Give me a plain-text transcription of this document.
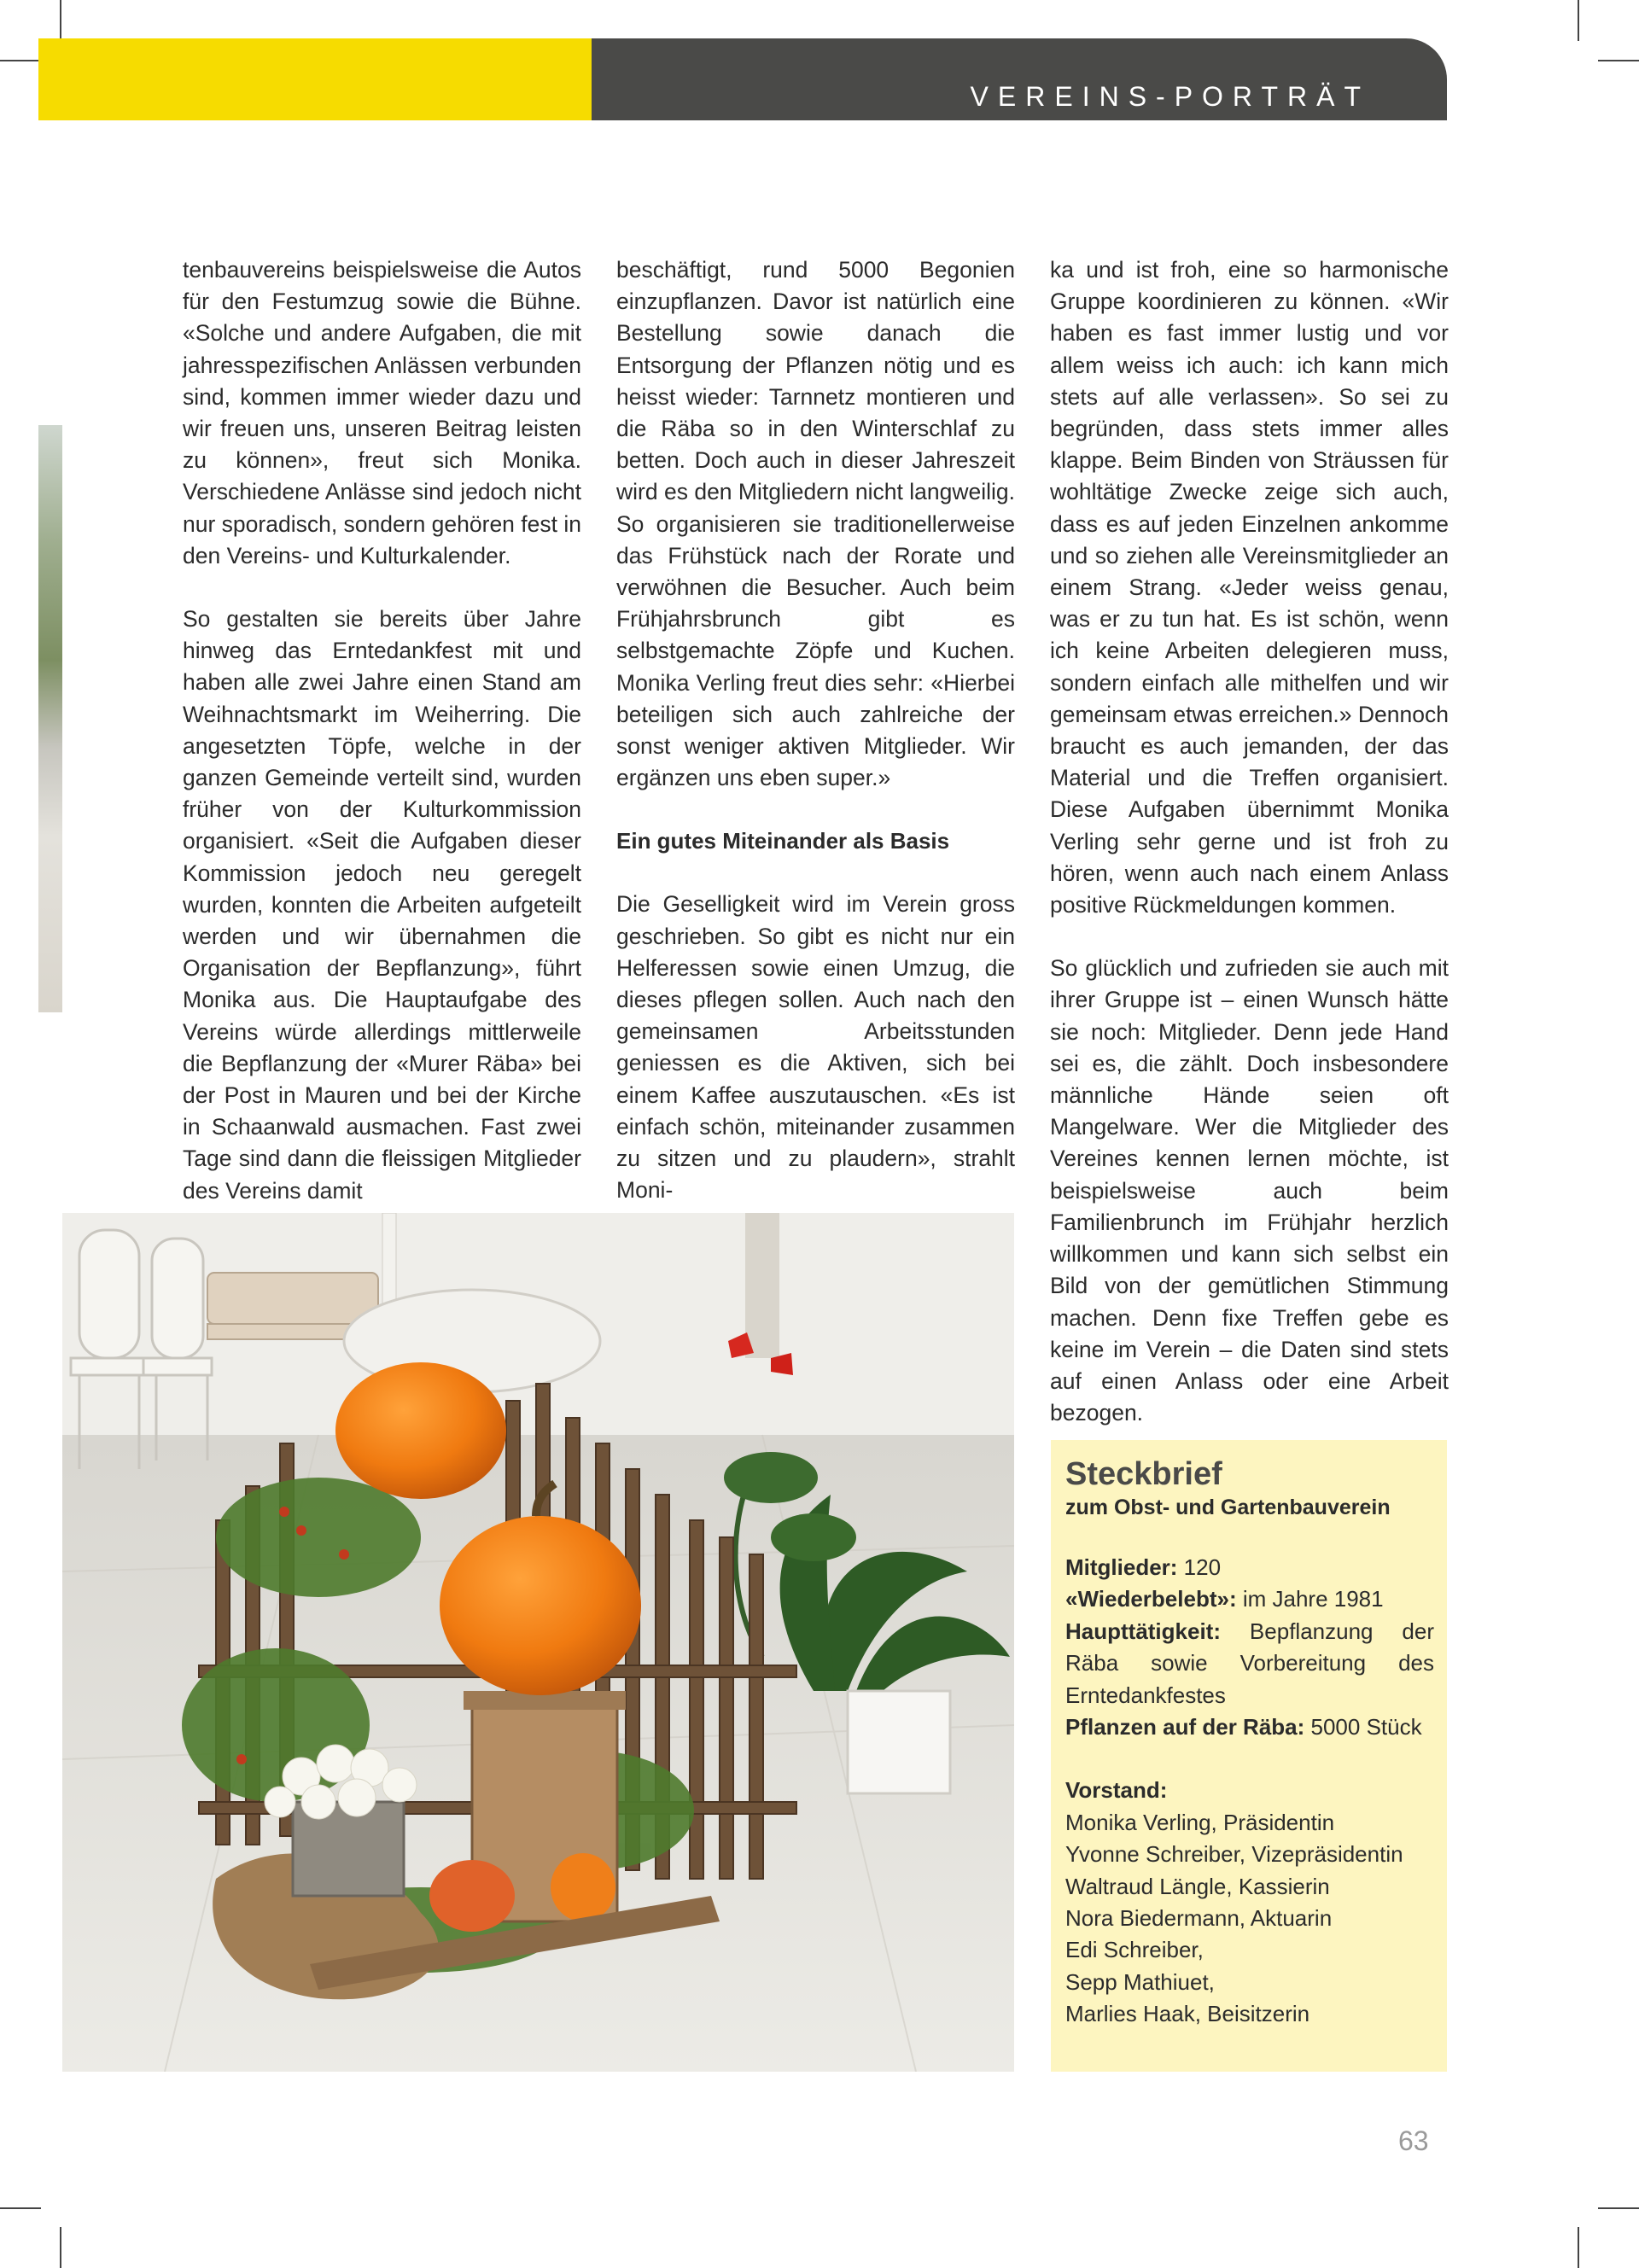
VEREINS-PORTRÄT

tenbauvereins beispielsweise die Autos für den Festumzug sowie die Bühne. «Solche und andere Aufgaben, die mit jahresspezifischen Anlässen verbunden sind, kommen immer wieder dazu und wir freuen uns, unseren Beitrag leisten zu können», freut sich Monika. Verschiedene Anlässe sind jedoch nicht nur sporadisch, sondern gehören fest in den Vereins- und Kulturkalender.

So gestalten sie bereits über Jahre hinweg das Erntedankfest mit und haben alle zwei Jahre einen Stand am Weihnachtsmarkt im Weiherring. Die angesetzten Töpfe, welche in der ganzen Gemeinde verteilt sind, wurden früher von der Kulturkommission organisiert. «Seit die Aufgaben dieser Kommission jedoch neu geregelt wurden, konnten die Arbeiten aufgeteilt werden und wir übernahmen die Organisation der Bepflanzung», führt Monika aus. Die Hauptaufgabe des Vereins würde allerdings mittlerweile die Bepflanzung der «Murer Räba» bei der Post in Mauren und bei der Kirche in Schaanwald ausmachen. Fast zwei Tage sind dann die fleissigen Mitglieder des Vereins damit

beschäftigt, rund 5000 Begonien einzupflanzen. Davor ist natürlich eine Bestellung sowie danach die Entsorgung der Pflanzen nötig und es heisst wieder: Tarnnetz montieren und die Räba so in den Winterschlaf zu betten. Doch auch in dieser Jahreszeit wird es den Mitgliedern nicht langweilig. So organisieren sie traditionellerweise das Frühstück nach der Rorate und verwöhnen die Besucher. Auch beim Frühjahrsbrunch gibt es selbstgemachte Zöpfe und Kuchen. Monika Verling freut dies sehr: «Hierbei beteiligen sich auch zahlreiche der sonst weniger aktiven Mitglieder. Wir ergänzen uns eben super.»

Ein gutes Miteinander als Basis

Die Geselligkeit wird im Verein gross geschrieben. So gibt es nicht nur ein Helferessen sowie einen Umzug, die dieses pflegen sollen. Auch nach den gemeinsamen Arbeitsstunden geniessen es die Aktiven, sich bei einem Kaffee auszutauschen. «Es ist einfach schön, miteinander zusammen zu sitzen und zu plaudern», strahlt Moni-

ka und ist froh, eine so harmonische Gruppe koordinieren zu können. «Wir haben es fast immer lustig und vor allem weiss ich auch: ich kann mich stets auf alle verlassen». So sei zu begründen, dass stets immer alles klappe. Beim Binden von Sträussen für wohltätige Zwecke zeige sich auch, dass es auf jeden Einzelnen ankomme und so ziehen alle Vereinsmitglieder an einem Strang. «Jeder weiss genau, was er zu tun hat. Es ist schön, wenn ich keine Arbeiten delegieren muss, sondern einfach alle mithelfen und wir gemeinsam etwas erreichen.» Dennoch braucht es auch jemanden, der das Material und die Treffen organisiert. Diese Aufgaben übernimmt Monika Verling sehr gerne und ist froh zu hören, wenn auch nach einem Anlass positive Rückmeldungen kommen.

So glücklich und zufrieden sie auch mit ihrer Gruppe ist – einen Wunsch hätte sie noch: Mitglieder. Denn jede Hand sei es, die zählt. Doch insbesondere männliche Hände seien oft Mangelware. Wer die Mitglieder des Vereines kennen lernen möchte, ist beispielsweise auch beim Familienbrunch im Frühjahr herzlich willkommen und kann sich selbst ein Bild von der gemütlichen Stimmung machen. Denn fixe Treffen gebe es keine im Verein – die Daten sind stets auf einen Anlass oder eine Arbeit bezogen.

Steckbrief
zum Obst- und Gartenbauverein
Mitglieder: 120
«Wiederbelebt»: im Jahre 1981
Haupttätigkeit: Bepflanzung der Räba sowie Vorbereitung des Erntedankfestes
Pflanzen auf der Räba: 5000 Stück
Vorstand:
Monika Verling, Präsidentin
Yvonne Schreiber, Vizepräsidentin
Waltraud Längle, Kassierin
Nora Biedermann, Aktuarin
Edi Schreiber,
Sepp Mathiuet,
Marlies Haak, Beisitzerin
63
